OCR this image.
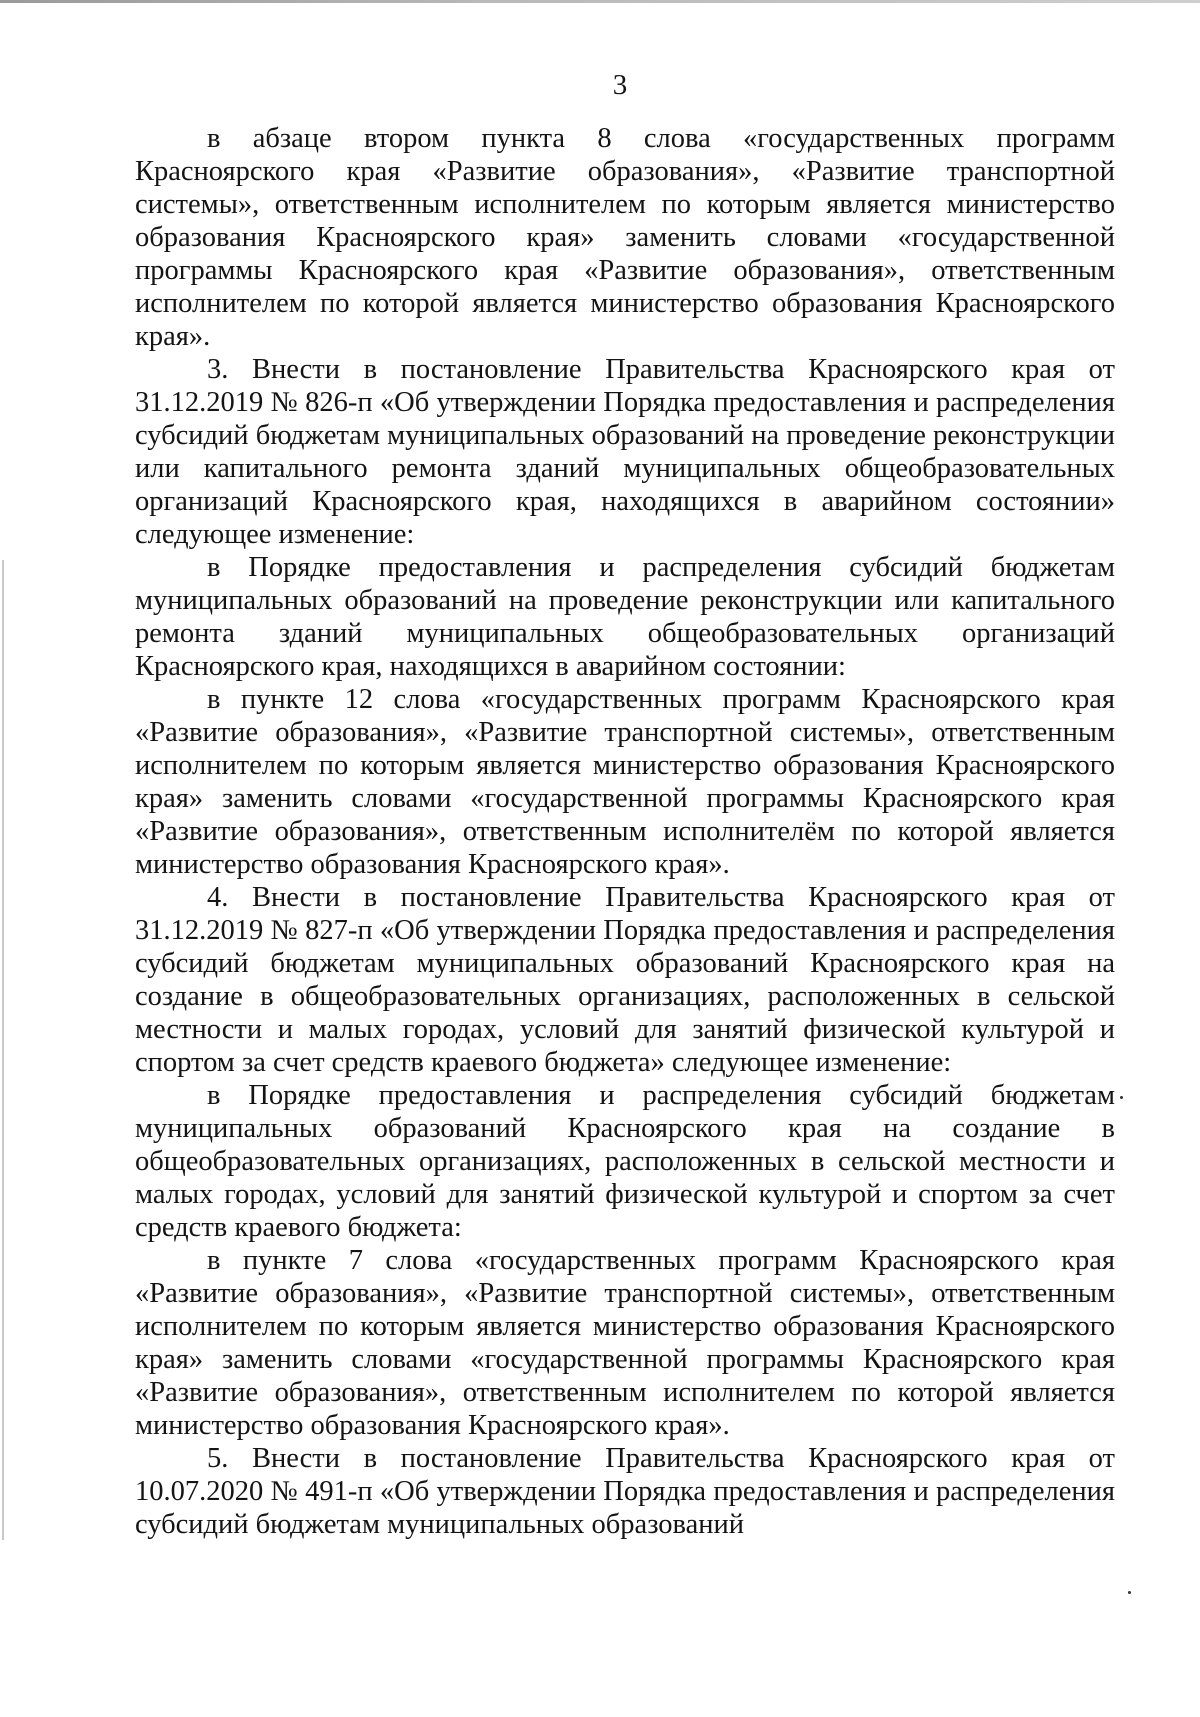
3

в абзаце втором пункта 8 слова «государственных программ Красноярского края «Развитие образования», «Развитие транспортной системы», ответственным исполнителем по которым является министерство образования Красноярского края» заменить словами «государственной программы Красноярского края «Развитие образования», ответственным исполнителем по которой является министерство образования Красноярского края».

3. Внести в постановление Правительства Красноярского края от 31.12.2019 № 826-п «Об утверждении Порядка предоставления и распределения субсидий бюджетам муниципальных образований на проведение реконструкции или капитального ремонта зданий муниципальных общеобразовательных организаций Красноярского края, находящихся в аварийном состоянии» следующее изменение:

в Порядке предоставления и распределения субсидий бюджетам муниципальных образований на проведение реконструкции или капитального ремонта зданий муниципальных общеобразовательных организаций Красноярского края, находящихся в аварийном состоянии:

в пункте 12 слова «государственных программ Красноярского края «Развитие образования», «Развитие транспортной системы», ответственным исполнителем по которым является министерство образования Красноярского края» заменить словами «государственной программы Красноярского края «Развитие образования», ответственным исполнителём по которой является министерство образования Красноярского края».

4. Внести в постановление Правительства Красноярского края от 31.12.2019 № 827-п «Об утверждении Порядка предоставления и распределения субсидий бюджетам муниципальных образований Красноярского края на создание в общеобразовательных организациях, расположенных в сельской местности и малых городах, условий для занятий физической культурой и спортом за счет средств краевого бюджета» следующее изменение:

в Порядке предоставления и распределения субсидий бюджетам муниципальных образований Красноярского края на создание в общеобразовательных организациях, расположенных в сельской местности и малых городах, условий для занятий физической культурой и спортом за счет средств краевого бюджета:

в пункте 7 слова «государственных программ Красноярского края «Развитие образования», «Развитие транспортной системы», ответственным исполнителем по которым является министерство образования Красноярского края» заменить словами «государственной программы Красноярского края «Развитие образования», ответственным исполнителем по которой является министерство образования Красноярского края».

5. Внести в постановление Правительства Красноярского края от 10.07.2020 № 491-п «Об утверждении Порядка предоставления и распределения субсидий бюджетам муниципальных образований
